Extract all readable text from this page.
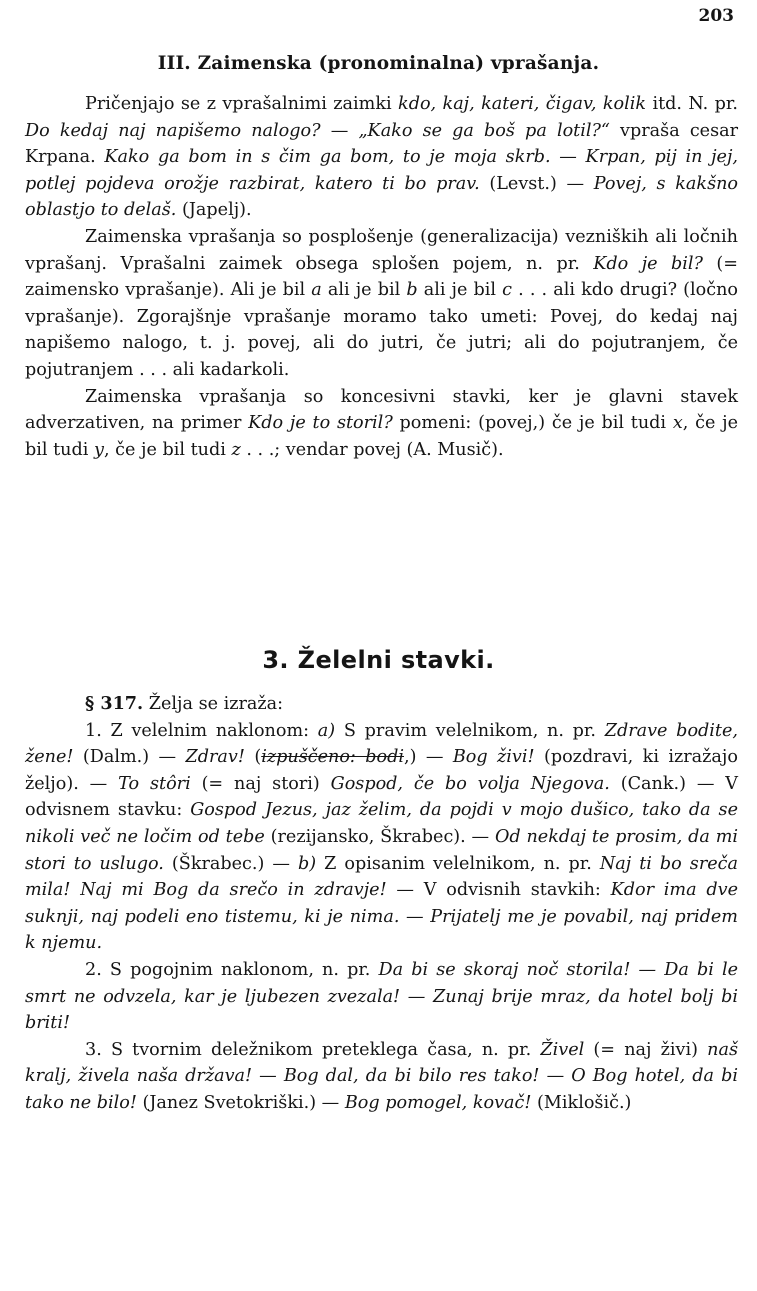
203
III. Zaimenska (pronominalna) vprašanja.

Pričenjajo se z vprašalnimi zaimki kdo, kaj, kateri, čigav, kolik itd. N. pr. Do kedaj naj napišemo nalogo? — „Kako se ga boš pa lotil?“ vpraša cesar Krpana. Kako ga bom in s čim ga bom, to je moja skrb. — Krpan, pij in jej, potlej pojdeva orožje razbirat, katero ti bo prav. (Levst.) — Povej, s kakšno oblastjo to delaš. (Japelj).

Zaimenska vprašanja so posplošenje (generalizacija) vezniških ali ločnih vprašanj. Vprašalni zaimek obsega splošen pojem, n. pr. Kdo je bil? (= zaimensko vprašanje). Ali je bil a ali je bil b ali je bil c . . . ali kdo drugi? (ločno vprašanje). Zgorajšnje vprašanje moramo tako umeti: Povej, do kedaj naj napišemo nalogo, t. j. povej, ali do jutri, če jutri; ali do pojutranjem, če pojutranjem . . . ali kadarkoli.

Zaimenska vprašanja so koncesivni stavki, ker je glavni stavek adverzativen, na primer Kdo je to storil? pomeni: (povej,) če je bil tudi x, če je bil tudi y, če je bil tudi z . . .; vendar povej (A. Musič).

3. Želelni stavki.

§ 317. Želja se izraža:

1. Z velelnim naklonom: a) S pravim velelnikom, n. pr. Zdrave bodite, žene! (Dalm.) — Zdrav! (izpuščeno: bodi,) — Bog živi! (pozdravi, ki izražajo željo). — To stôri (= naj stori) Gospod, če bo volja Njegova. (Cank.) — V odvisnem stavku: Gospod Jezus, jaz želim, da pojdi v mojo dušico, tako da se nikoli več ne ločim od tebe (rezijansko, Škrabec). — Od nekdaj te prosim, da mi stori to uslugo. (Škrabec.) — b) Z opisanim velelnikom, n. pr. Naj ti bo sreča mila! Naj mi Bog da srečo in zdravje! — V odvisnih stavkih: Kdor ima dve suknji, naj podeli eno tistemu, ki je nima. — Prijatelj me je povabil, naj pridem k njemu.

2. S pogojnim naklonom, n. pr. Da bi se skoraj noč storila! — Da bi le smrt ne odvzela, kar je ljubezen zvezala! — Zunaj brije mraz, da hotel bolj bi briti!

3. S tvornim deležnikom preteklega časa, n. pr. Živel (= naj živi) naš kralj, živela naša država! — Bog dal, da bi bilo res tako! — O Bog hotel, da bi tako ne bilo! (Janez Svetokriški.) — Bog pomogel, kovač! (Miklošič.)
